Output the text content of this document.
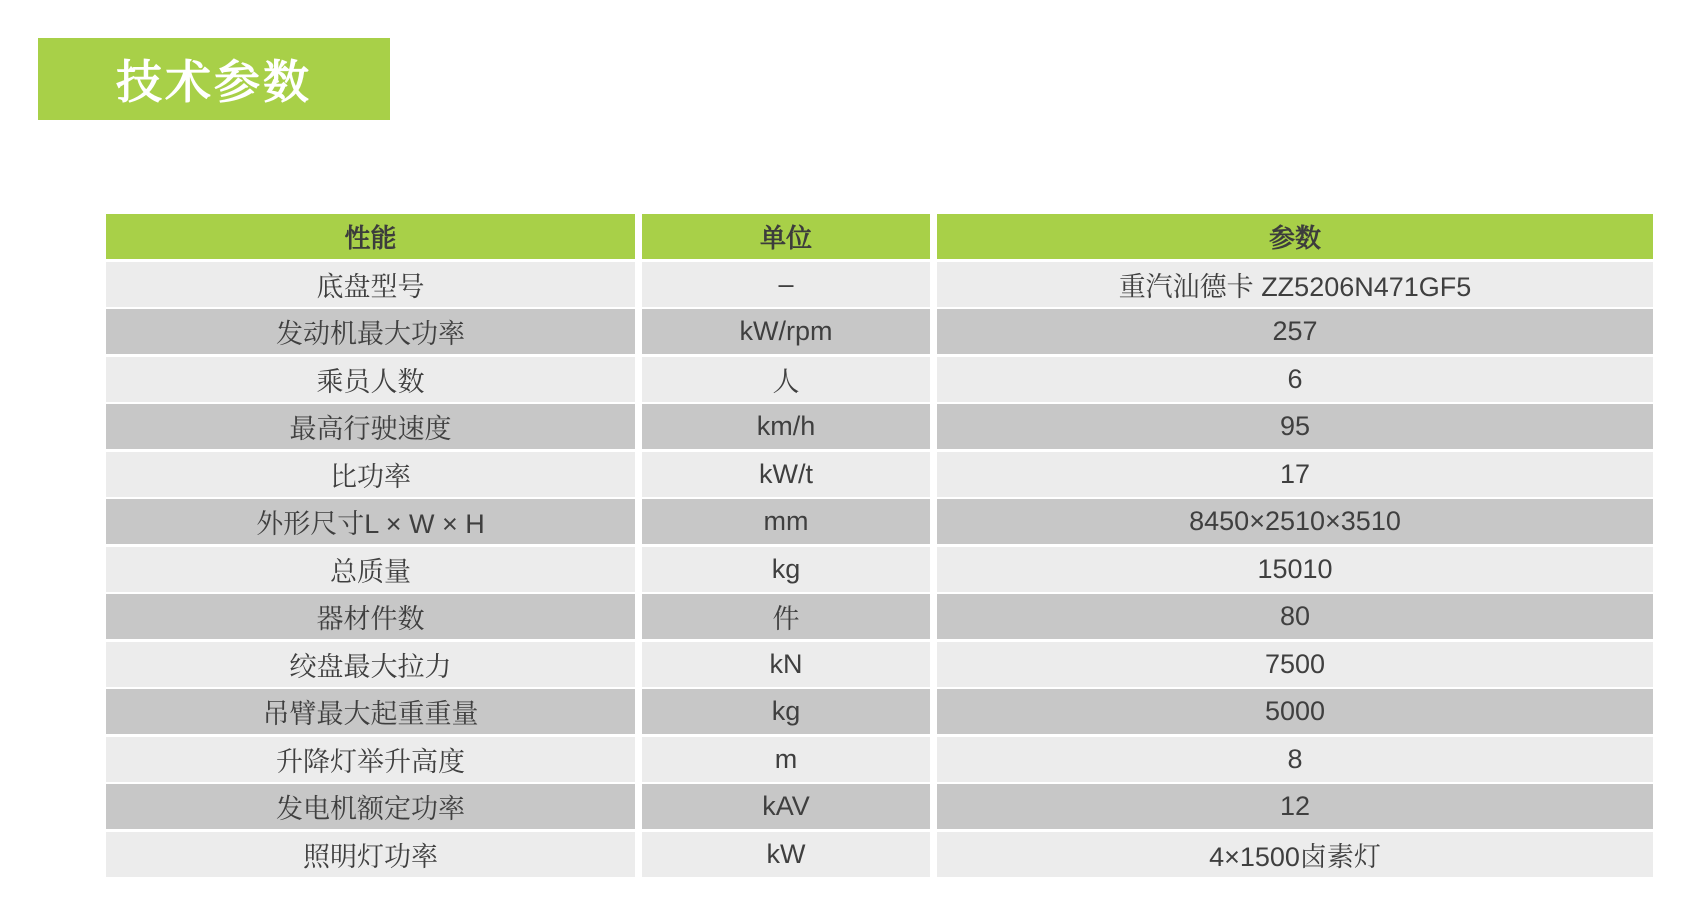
技术参数
性能	单位	参数
底盘型号	–	重汽汕德卡 ZZ5206N471GF5
发动机最大功率	kW/rpm	257
乘员人数	人	6
最高行驶速度	km/h	95
比功率	kW/t	17
外形尺寸L × W × H	mm	8450×2510×3510
总质量	kg	15010
器材件数	件	80
绞盘最大拉力	kN	7500
吊臂最大起重重量	kg	5000
升降灯举升高度	m	8
发电机额定功率	kAV	12
照明灯功率	kW	4×1500卤素灯
